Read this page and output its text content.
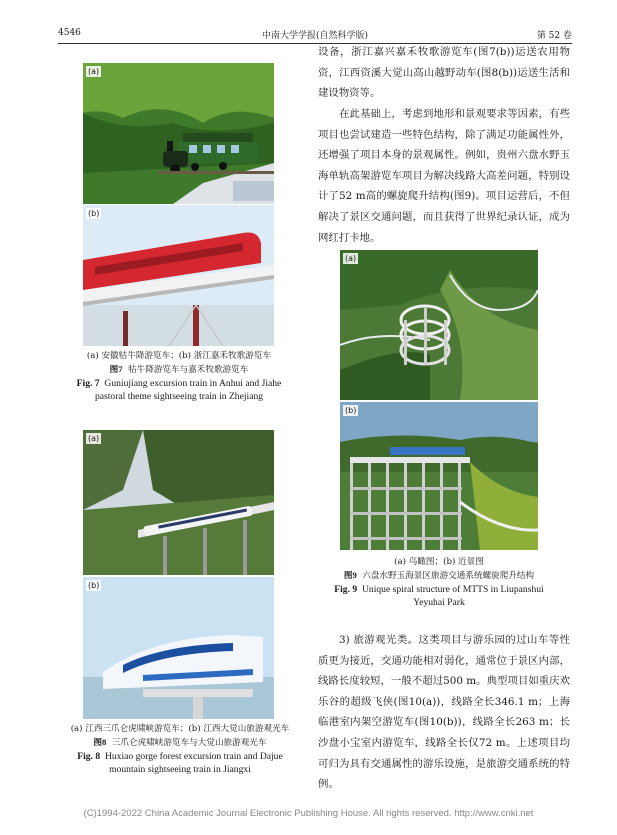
4546	中南大学学报(自然科学版)	第 52 卷
(a)
(b)
(a) 安徽牯牛降游览车；(b) 浙江嘉禾牧歌游览车
图7 牯牛降游览车与嘉禾牧歌游览车
Fig. 7 Guniujiang excursion train in Anhui and Jiahe
pastoral theme sightseeing train in Zhejiang
(a)
(b)
(a) 江西三爪仑虎啸峡游览车；(b) 江西大觉山旅游观光车
图8 三爪仑虎啸峡游览车与大觉山旅游观光车
Fig. 8 Huxiao gorge forest excursion train and Dajue
mountain sightseeing train in Jiangxi
(a)
(b)
(a) 鸟瞰图；(b) 近景图
图9 六盘水野玉海景区旅游交通系统螺旋爬升结构
Fig. 9 Unique spiral structure of MTTS in Liupanshui
Yeyuhai Park
设备，浙江嘉兴嘉禾牧歌游览车(图7(b))运送农用物资，江西资溪大觉山高山越野动车(图8(b))运送生活和建设物资等。
在此基础上，考虑到地形和景观要求等因素，有些项目也尝试建造一些特色结构，除了满足功能属性外，还增强了项目本身的景观属性。例如，贵州六盘水野玉海单轨高架游览车项目为解决线路大高差问题，特别设计了52 m高的螺旋爬升结构(图9)。项目运营后，不但解决了景区交通问题，而且获得了世界纪录认证，成为网红打卡地。
3) 旅游观光类。这类项目与游乐园的过山车等性质更为接近，交通功能相对弱化，通常位于景区内部，线路长度较短，一般不超过500 m。典型项目如重庆欢乐谷的超级飞侠(图10(a))，线路全长346.1 m；上海临港室内架空游览车(图10(b))，线路全长263 m；长沙盘小宝室内游览车，线路全长仅72 m。上述项目均可归为具有交通属性的游乐设施，是旅游交通系统的特例。
(C)1994-2022 China Academic Journal Electronic Publishing House. All rights reserved. http://www.cnki.net
